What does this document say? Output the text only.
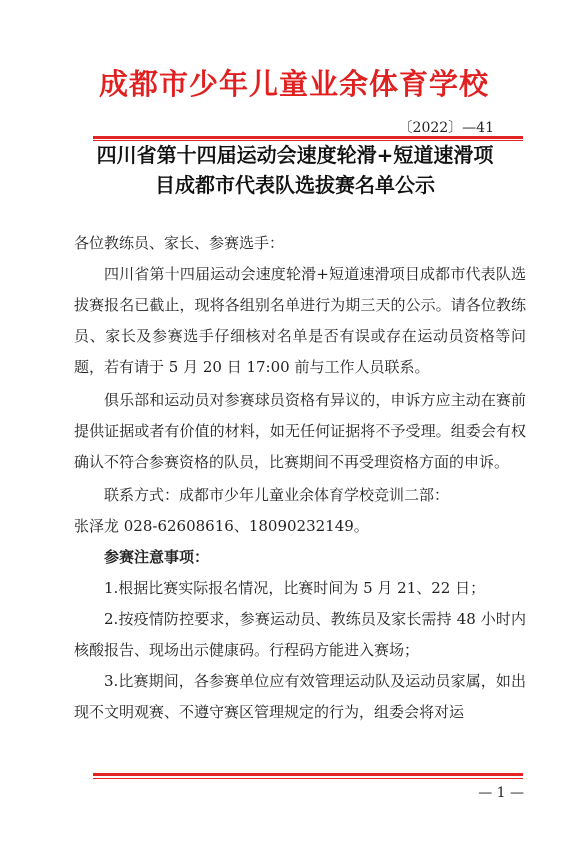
成都市少年儿童业余体育学校
〔2022〕—41
四川省第十四届运动会速度轮滑+短道速滑项
目成都市代表队选拔赛名单公示

各位教练员、家长、参赛选手：

四川省第十四届运动会速度轮滑+短道速滑项目成都市代表队选拔赛报名已截止，现将各组别名单进行为期三天的公示。请各位教练员、家长及参赛选手仔细核对名单是否有误或存在运动员资格等问题，若有请于 5 月 20 日 17:00 前与工作人员联系。

俱乐部和运动员对参赛球员资格有异议的，申诉方应主动在赛前提供证据或者有价值的材料，如无任何证据将不予受理。组委会有权确认不符合参赛资格的队员，比赛期间不再受理资格方面的申诉。

联系方式：成都市少年儿童业余体育学校竞训二部：

张泽龙 028-62608616、18090232149。

参赛注意事项：

1.根据比赛实际报名情况，比赛时间为 5 月 21、22 日；

2.按疫情防控要求，参赛运动员、教练员及家长需持 48 小时内核酸报告、现场出示健康码。行程码方能进入赛场；

3.比赛期间，各参赛单位应有效管理运动队及运动员家属，如出现不文明观赛、不遵守赛区管理规定的行为，组委会将对运

— 1 —
